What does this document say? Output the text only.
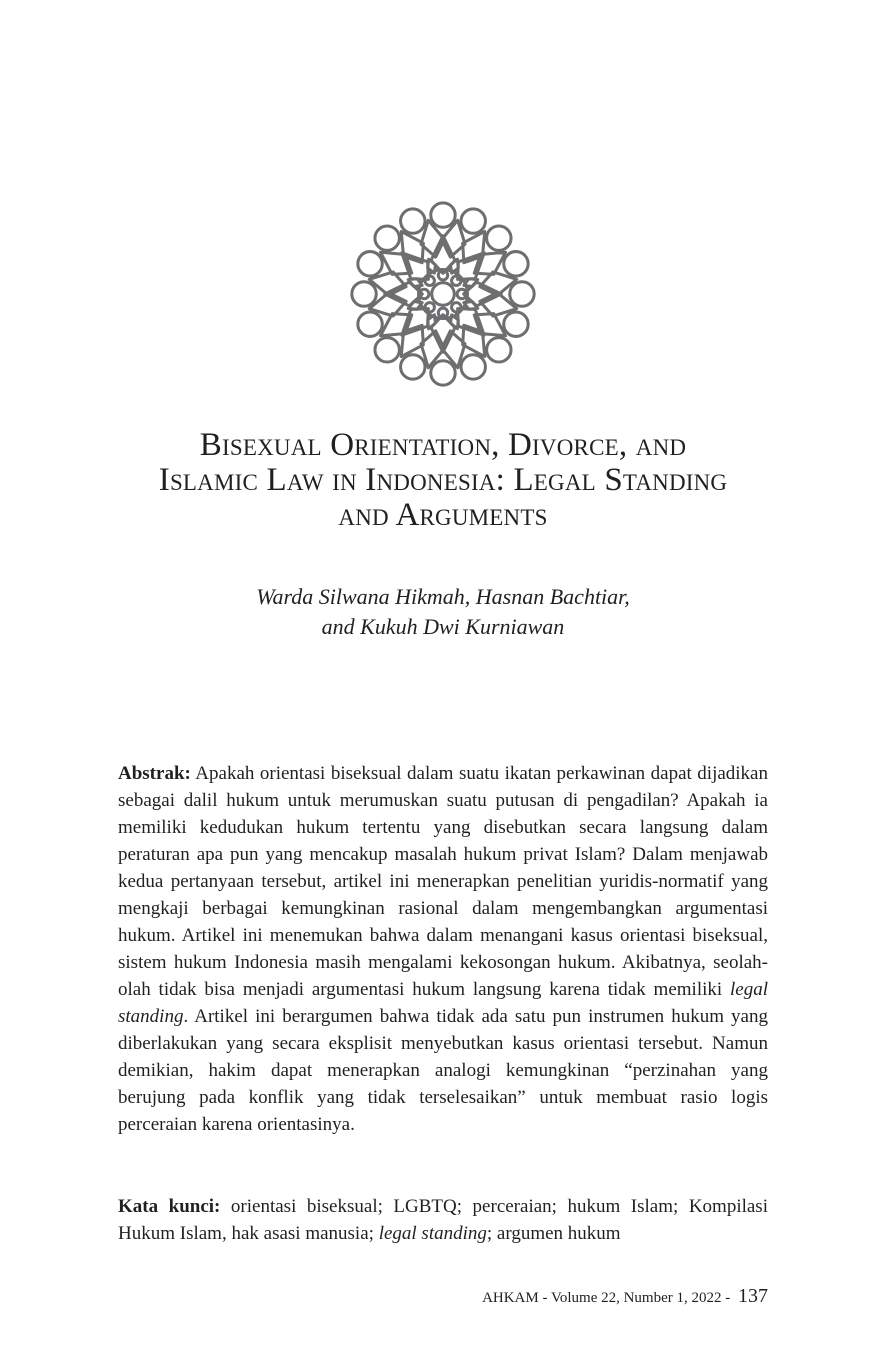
Bisexual Orientation, Divorce, and
Islamic Law in Indonesia: Legal Standing
and Arguments
Warda Silwana Hikmah, Hasnan Bachtiar,
and Kukuh Dwi Kurniawan

Abstrak: Apakah orientasi biseksual dalam suatu ikatan perkawinan dapat dijadikan sebagai dalil hukum untuk merumuskan suatu putusan di pengadilan? Apakah ia memiliki kedudukan hukum tertentu yang disebutkan secara langsung dalam peraturan apa pun yang mencakup masalah hukum privat Islam? Dalam menjawab kedua pertanyaan tersebut, artikel ini menerapkan penelitian yuridis-normatif yang mengkaji berbagai kemungkinan rasional dalam mengembangkan argumentasi hukum. Artikel ini menemukan bahwa dalam menangani kasus orientasi biseksual, sistem hukum Indonesia masih mengalami kekosongan hukum. Akibatnya, seolah-olah tidak bisa menjadi argumentasi hukum langsung karena tidak memiliki legal standing. Artikel ini berargumen bahwa tidak ada satu pun instrumen hukum yang diberlakukan yang secara eksplisit menyebutkan kasus orientasi tersebut. Namun demikian, hakim dapat menerapkan analogi kemungkinan “perzinahan yang berujung pada konflik yang tidak terselesaikan” untuk membuat rasio logis perceraian karena orientasinya.

Kata kunci: orientasi biseksual; LGBTQ; perceraian; hukum Islam; Kompilasi Hukum Islam, hak asasi manusia; legal standing; argumen hukum

AHKAM - Volume 22, Number 1, 2022 - 137
